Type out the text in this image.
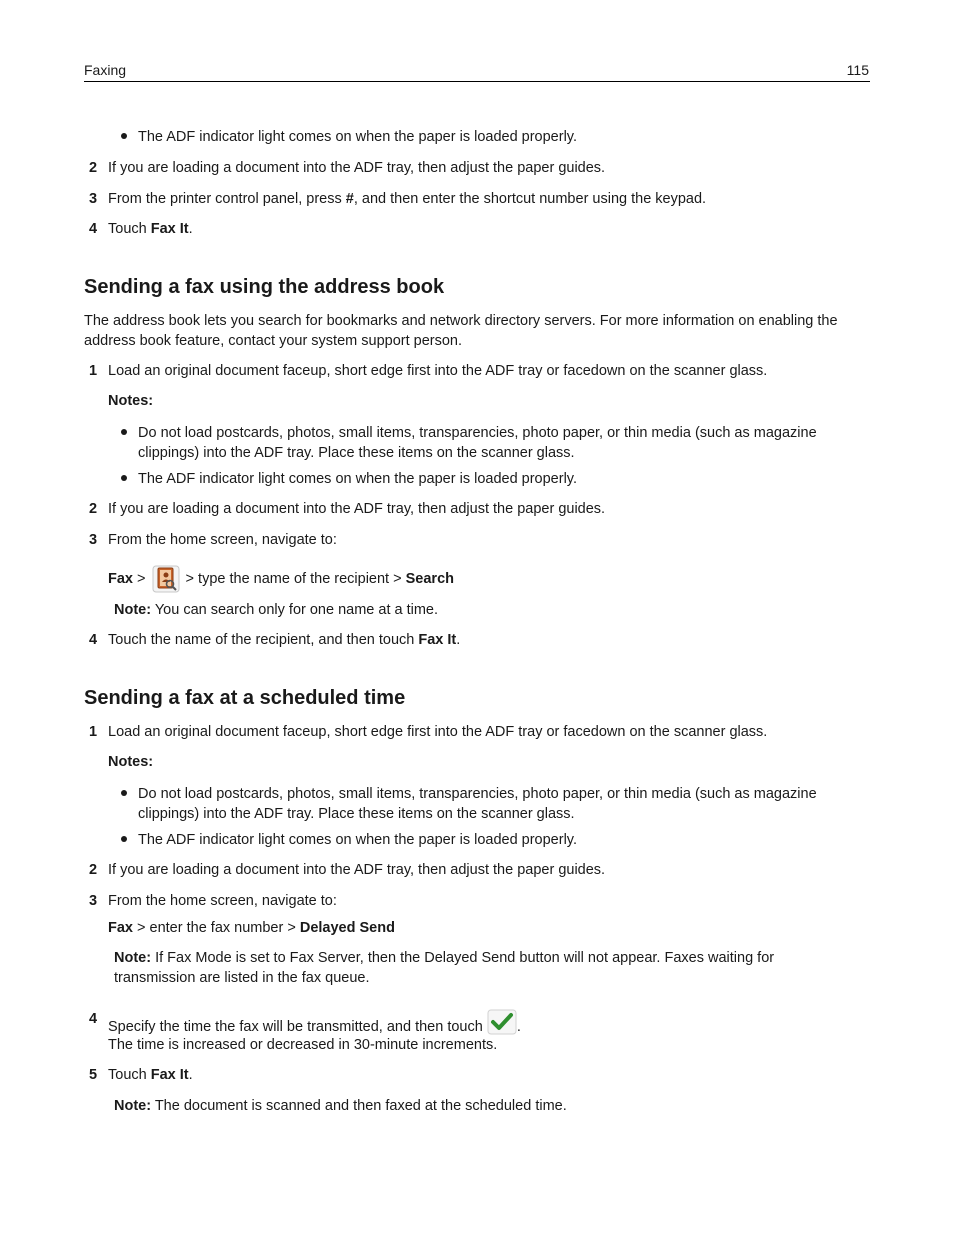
Faxing	115
The ADF indicator light comes on when the paper is loaded properly.
2 If you are loading a document into the ADF tray, then adjust the paper guides.
3 From the printer control panel, press #, and then enter the shortcut number using the keypad.
4 Touch Fax It.
Sending a fax using the address book
The address book lets you search for bookmarks and network directory servers. For more information on enabling the address book feature, contact your system support person.
1 Load an original document faceup, short edge first into the ADF tray or facedown on the scanner glass.
Notes:
Do not load postcards, photos, small items, transparencies, photo paper, or thin media (such as magazine clippings) into the ADF tray. Place these items on the scanner glass.
The ADF indicator light comes on when the paper is loaded properly.
2 If you are loading a document into the ADF tray, then adjust the paper guides.
3 From the home screen, navigate to:
Fax >  > type the name of the recipient > Search
Note: You can search only for one name at a time.
4 Touch the name of the recipient, and then touch Fax It.
Sending a fax at a scheduled time
1 Load an original document faceup, short edge first into the ADF tray or facedown on the scanner glass.
Notes:
Do not load postcards, photos, small items, transparencies, photo paper, or thin media (such as magazine clippings) into the ADF tray. Place these items on the scanner glass.
The ADF indicator light comes on when the paper is loaded properly.
2 If you are loading a document into the ADF tray, then adjust the paper guides.
3 From the home screen, navigate to:
Fax > enter the fax number > Delayed Send
Note: If Fax Mode is set to Fax Server, then the Delayed Send button will not appear. Faxes waiting for transmission are listed in the fax queue.
4 Specify the time the fax will be transmitted, and then touch .
The time is increased or decreased in 30-minute increments.
5 Touch Fax It.
Note: The document is scanned and then faxed at the scheduled time.
